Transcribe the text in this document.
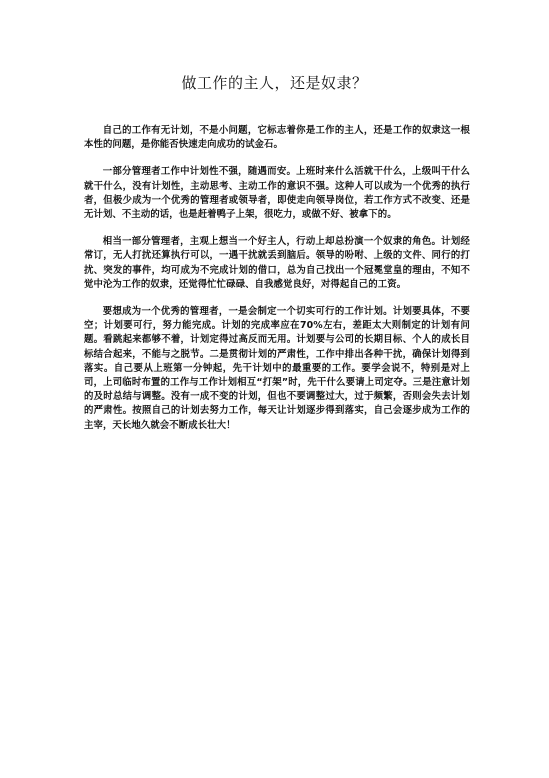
做工作的主人，还是奴隶？

自己的工作有无计划，不是小问题，它标志着你是工作的主人，还是工作的奴隶这一根本性的问题，是你能否快速走向成功的试金石。

一部分管理者工作中计划性不强，随遇而安。上班时来什么活就干什么，上级叫干什么就干什么，没有计划性，主动思考、主动工作的意识不强。这种人可以成为一个优秀的执行者，但极少成为一个优秀的管理者或领导者，即使走向领导岗位，若工作方式不改变、还是无计划、不主动的话，也是赶着鸭子上架，很吃力，或做不好、被拿下的。

相当一部分管理者，主观上想当一个好主人，行动上却总扮演一个奴隶的角色。计划经常订，无人打扰还算执行可以，一遇干扰就丢到脑后。领导的吩咐、上级的文件、同行的打扰、突发的事件，均可成为不完成计划的借口，总为自己找出一个冠冕堂皇的理由，不知不觉中沦为工作的奴隶，还觉得忙忙碌碌、自我感觉良好，对得起自己的工资。

要想成为一个优秀的管理者，一是会制定一个切实可行的工作计划。计划要具体，不要空；计划要可行，努力能完成。计划的完成率应在70%左右，差距太大则制定的计划有问题。看跳起来都够不着，计划定得过高反而无用。计划要与公司的长期目标、个人的成长目标结合起来，不能与之脱节。二是贯彻计划的严肃性，工作中排出各种干扰，确保计划得到落实。自己要从上班第一分钟起，先干计划中的最重要的工作。要学会说不，特别是对上司，上司临时布置的工作与工作计划相互“打架”时，先干什么要请上司定夺。三是注意计划的及时总结与调整。没有一成不变的计划，但也不要调整过大，过于频繁，否则会失去计划的严肃性。按照自己的计划去努力工作，每天让计划逐步得到落实，自己会逐步成为工作的主宰，天长地久就会不断成长壮大！
